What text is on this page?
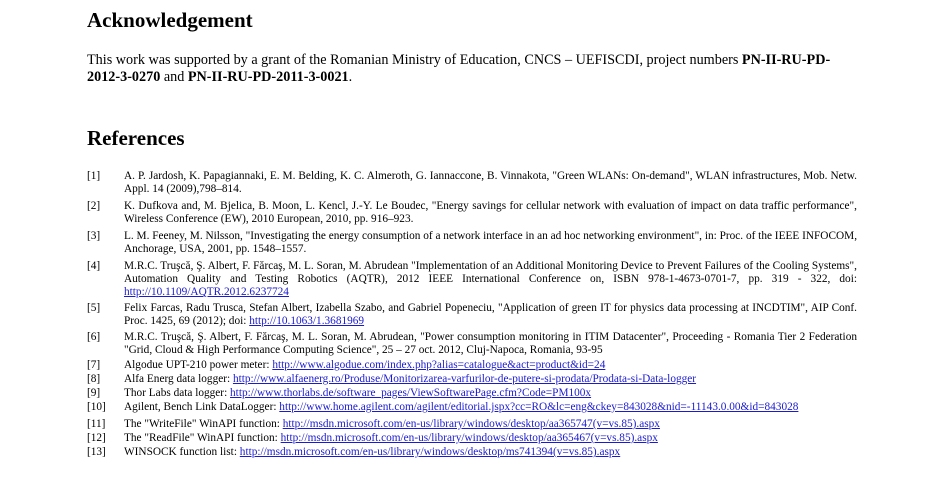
Acknowledgement

This work was supported by a grant of the Romanian Ministry of Education, CNCS – UEFISCDI, project numbers PN-II-RU-PD-2012-3-0270 and PN-II-RU-PD-2011-3-0021.

References
[1]	A. P. Jardosh, K. Papagiannaki, E. M. Belding, K. C. Almeroth, G. Iannaccone, B. Vinnakota, "Green WLANs: On-demand", WLAN infrastructures, Mob. Netw. Appl. 14 (2009),798–814.
[2]	K. Dufkova and, M. Bjelica, B. Moon, L. Kencl, J.-Y. Le Boudec, "Energy savings for cellular network with evaluation of impact on data traffic performance", Wireless Conference (EW), 2010 European, 2010, pp. 916–923.
[3]	L. M. Feeney, M. Nilsson, "Investigating the energy consumption of a network interface in an ad hoc networking environment", in: Proc. of the IEEE INFOCOM, Anchorage, USA, 2001, pp. 1548–1557.
[4]	M.R.C. Truşcă, Ş. Albert, F. Fărcaş, M. L. Soran, M. Abrudean "Implementation of an Additional Monitoring Device to Prevent Failures of the Cooling Systems", Automation Quality and Testing Robotics (AQTR), 2012 IEEE International Conference on, ISBN 978-1-4673-0701-7, pp. 319 - 322, doi: http://10.1109/AQTR.2012.6237724
[5]	Felix Farcas, Radu Trusca, Stefan Albert, Izabella Szabo, and Gabriel Popeneciu, "Application of green IT for physics data processing at INCDTIM", AIP Conf. Proc. 1425, 69 (2012); doi: http://10.1063/1.3681969
[6]	M.R.C. Truşcă, Ş. Albert, F. Fărcaş, M. L. Soran, M. Abrudean, "Power consumption monitoring in ITIM Datacenter", Proceeding - Romania Tier 2 Federation "Grid, Cloud & High Performance Computing Science", 25 – 27 oct. 2012, Cluj-Napoca, Romania, 93-95
[7]	Algodue UPT-210 power meter: http://www.algodue.com/index.php?alias=catalogue&act=product&id=24
[8]	Alfa Energ data logger: http://www.alfaenerg.ro/Produse/Monitorizarea-varfurilor-de-putere-si-prodata/Prodata-si-Data-logger
[9]	Thor Labs data logger: http://www.thorlabs.de/software_pages/ViewSoftwarePage.cfm?Code=PM100x
[10]	Agilent, Bench Link DataLogger: http://www.home.agilent.com/agilent/editorial.jspx?cc=RO&lc=eng&ckey=843028&nid=-11143.0.00&id=843028
[11]	The "WriteFile" WinAPI function: http://msdn.microsoft.com/en-us/library/windows/desktop/aa365747(v=vs.85).aspx
[12]	The "ReadFile" WinAPI function: http://msdn.microsoft.com/en-us/library/windows/desktop/aa365467(v=vs.85).aspx
[13]	WINSOCK function list: http://msdn.microsoft.com/en-us/library/windows/desktop/ms741394(v=vs.85).aspx
